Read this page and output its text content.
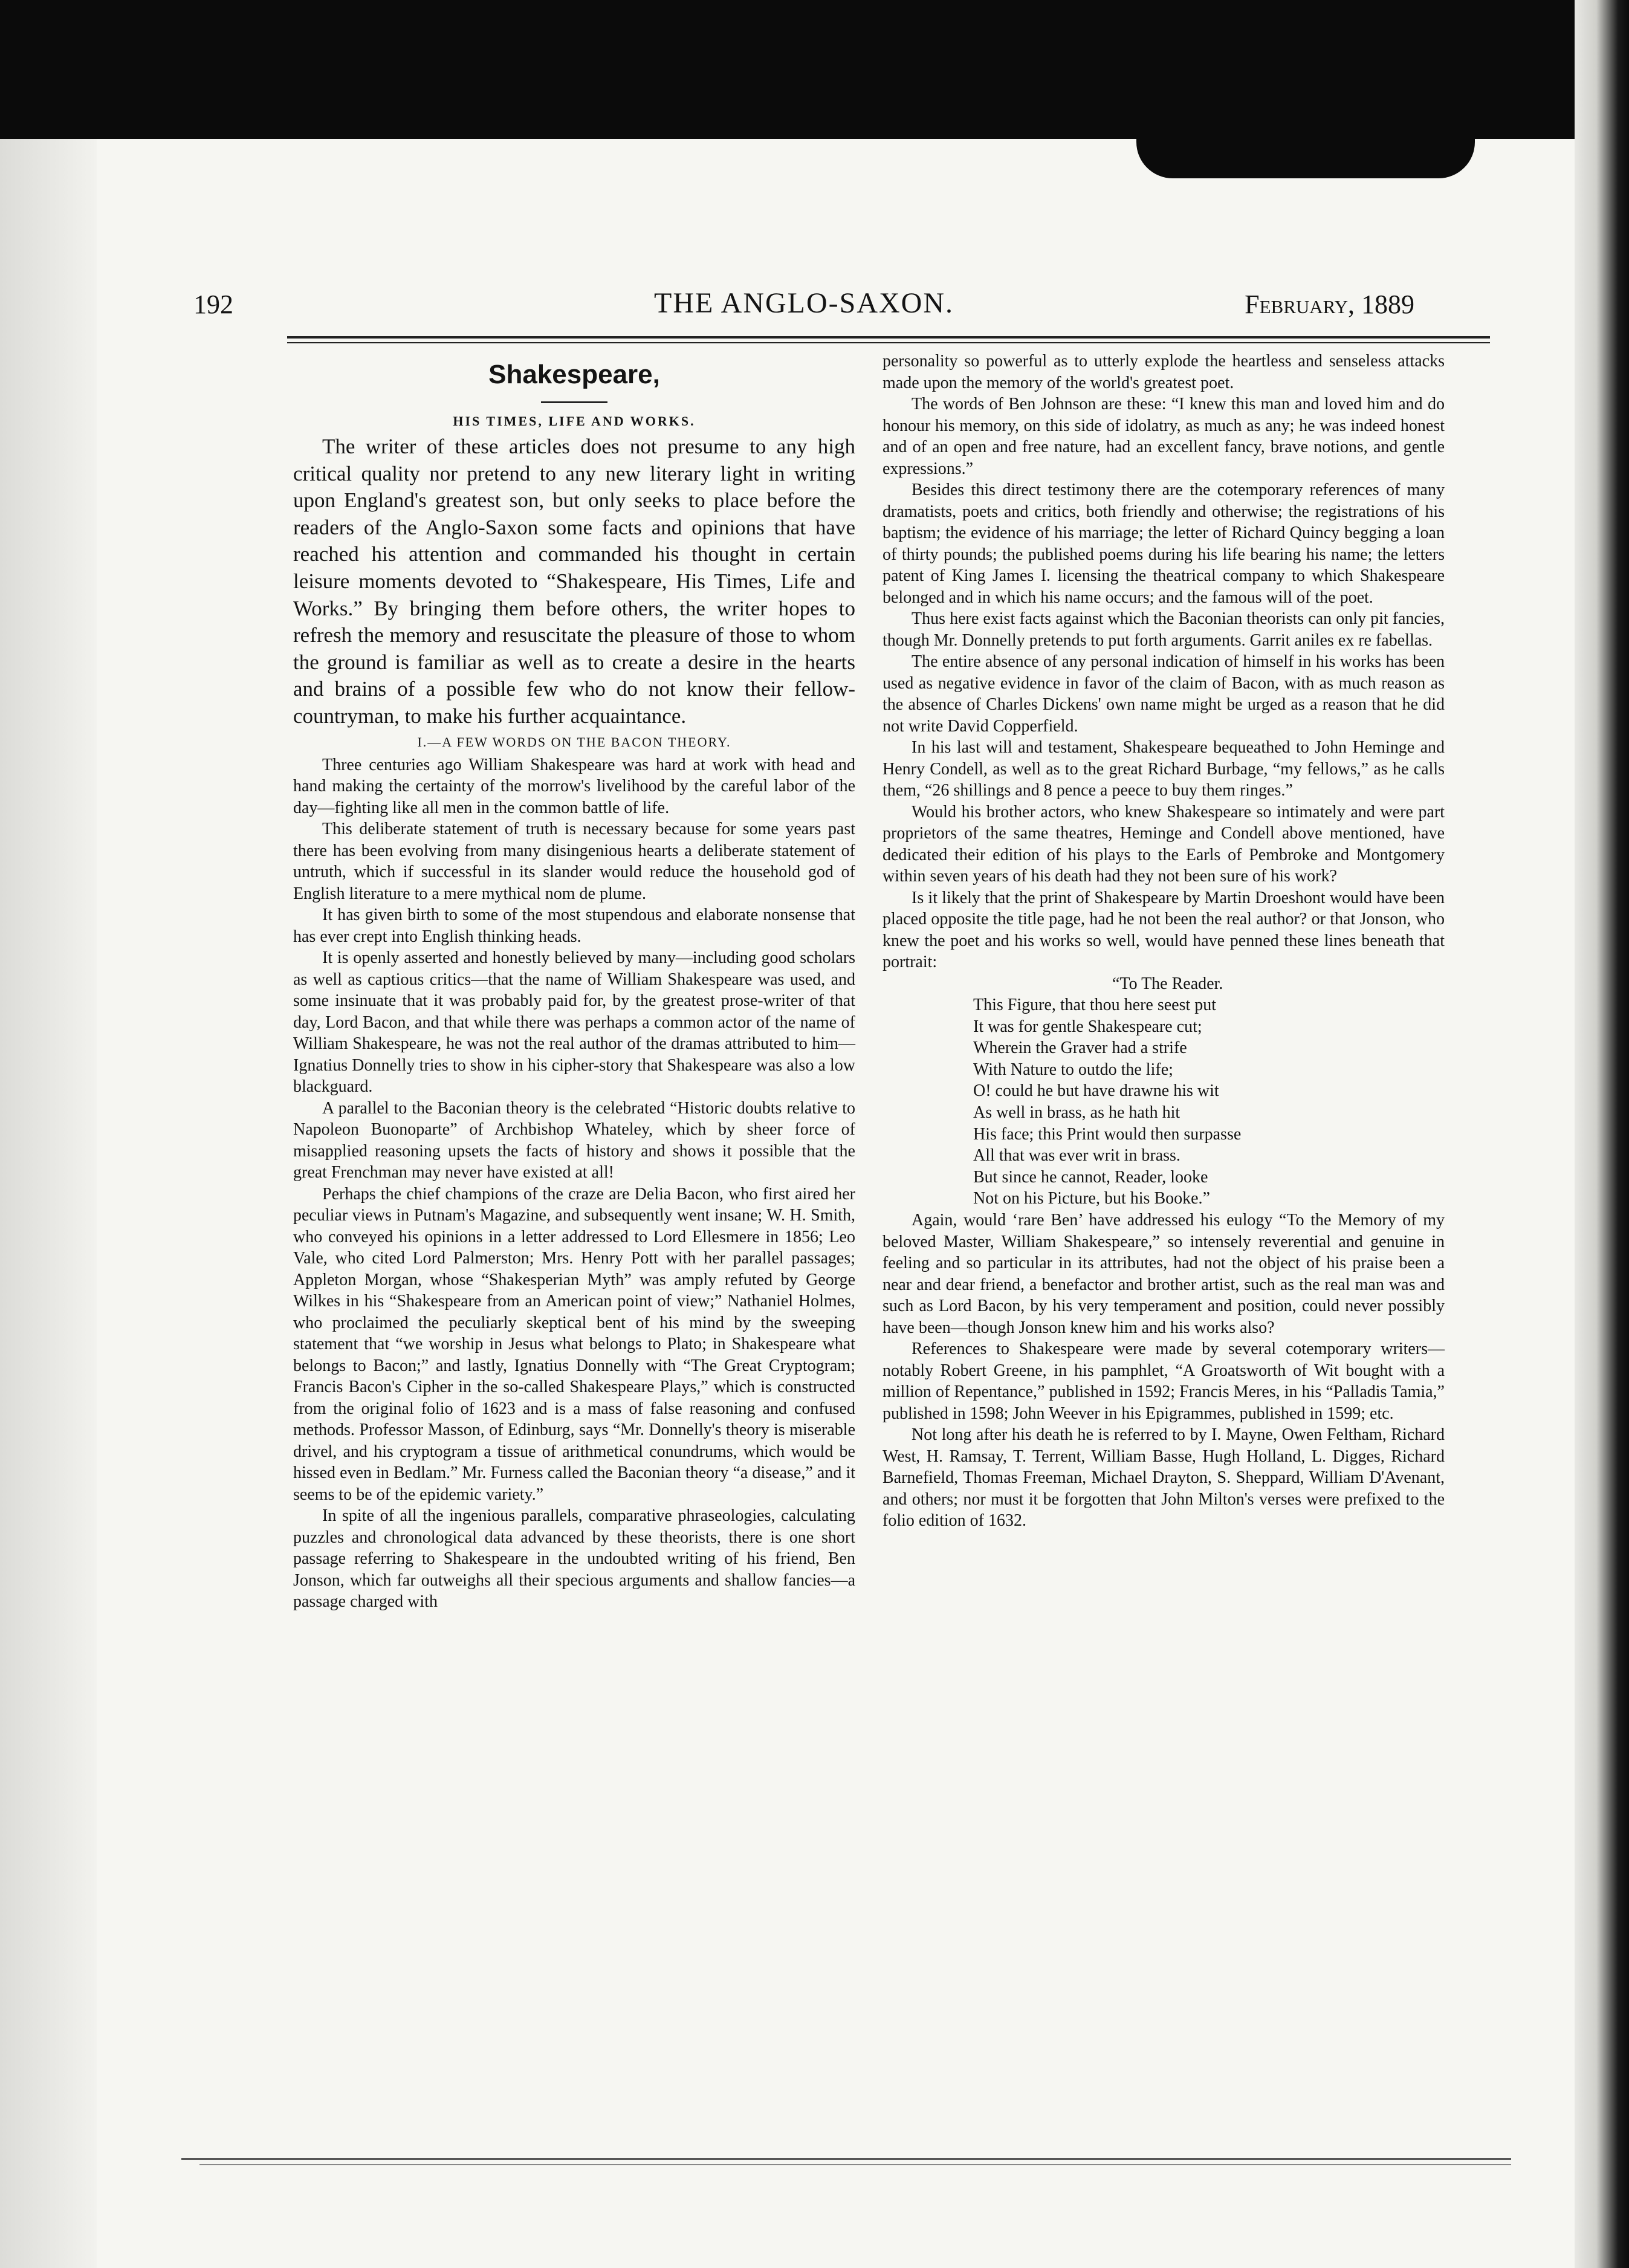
192	THE ANGLO-SAXON.	February, 1889
Shakespeare,
HIS TIMES, LIFE AND WORKS.

The writer of these articles does not presume to any high critical quality nor pretend to any new literary light in writing upon England's greatest son, but only seeks to place before the readers of the Anglo-Saxon some facts and opinions that have reached his attention and commanded his thought in certain leisure moments devoted to “Shakespeare, His Times, Life and Works.” By bringing them before others, the writer hopes to refresh the memory and resuscitate the pleasure of those to whom the ground is familiar as well as to create a desire in the hearts and brains of a possible few who do not know their fellow-countryman, to make his further acquaintance.

I.—A FEW WORDS ON THE BACON THEORY.

Three centuries ago William Shakespeare was hard at work with head and hand making the certainty of the morrow's livelihood by the careful labor of the day—fighting like all men in the common battle of life.

This deliberate statement of truth is necessary because for some years past there has been evolving from many disingenious hearts a deliberate statement of untruth, which if successful in its slander would reduce the household god of English literature to a mere mythical nom de plume.

It has given birth to some of the most stupendous and elaborate nonsense that has ever crept into English thinking heads.

It is openly asserted and honestly believed by many—including good scholars as well as captious critics—that the name of William Shakespeare was used, and some insinuate that it was probably paid for, by the greatest prose-writer of that day, Lord Bacon, and that while there was perhaps a common actor of the name of William Shakespeare, he was not the real author of the dramas attributed to him—Ignatius Donnelly tries to show in his cipher-story that Shakespeare was also a low blackguard.

A parallel to the Baconian theory is the celebrated “Historic doubts relative to Napoleon Buonoparte” of Archbishop Whateley, which by sheer force of misapplied reasoning upsets the facts of history and shows it possible that the great Frenchman may never have existed at all!

Perhaps the chief champions of the craze are Delia Bacon, who first aired her peculiar views in Putnam's Magazine, and subsequently went insane; W. H. Smith, who conveyed his opinions in a letter addressed to Lord Ellesmere in 1856; Leo Vale, who cited Lord Palmerston; Mrs. Henry Pott with her parallel passages; Appleton Morgan, whose “Shakesperian Myth” was amply refuted by George Wilkes in his “Shakespeare from an American point of view;” Nathaniel Holmes, who proclaimed the peculiarly skeptical bent of his mind by the sweeping statement that “we worship in Jesus what belongs to Plato; in Shakespeare what belongs to Bacon;” and lastly, Ignatius Donnelly with “The Great Cryptogram; Francis Bacon's Cipher in the so-called Shakespeare Plays,” which is constructed from the original folio of 1623 and is a mass of false reasoning and confused methods. Professor Masson, of Edinburg, says “Mr. Donnelly's theory is miserable drivel, and his cryptogram a tissue of arithmetical conundrums, which would be hissed even in Bedlam.” Mr. Furness called the Baconian theory “a disease,” and it seems to be of the epidemic variety.”

In spite of all the ingenious parallels, comparative phraseologies, calculating puzzles and chronological data advanced by these theorists, there is one short passage referring to Shakespeare in the undoubted writing of his friend, Ben Jonson, which far outweighs all their specious arguments and shallow fancies—a passage charged with

personality so powerful as to utterly explode the heartless and senseless attacks made upon the memory of the world's greatest poet.

The words of Ben Johnson are these: “I knew this man and loved him and do honour his memory, on this side of idolatry, as much as any; he was indeed honest and of an open and free nature, had an excellent fancy, brave notions, and gentle expressions.”

Besides this direct testimony there are the cotemporary references of many dramatists, poets and critics, both friendly and otherwise; the registrations of his baptism; the evidence of his marriage; the letter of Richard Quincy begging a loan of thirty pounds; the published poems during his life bearing his name; the letters patent of King James I. licensing the theatrical company to which Shakespeare belonged and in which his name occurs; and the famous will of the poet.

Thus here exist facts against which the Baconian theorists can only pit fancies, though Mr. Donnelly pretends to put forth arguments. Garrit aniles ex re fabellas.

The entire absence of any personal indication of himself in his works has been used as negative evidence in favor of the claim of Bacon, with as much reason as the absence of Charles Dickens' own name might be urged as a reason that he did not write David Copperfield.

In his last will and testament, Shakespeare bequeathed to John Heminge and Henry Condell, as well as to the great Richard Burbage, “my fellows,” as he calls them, “26 shillings and 8 pence a peece to buy them ringes.”

Would his brother actors, who knew Shakespeare so intimately and were part proprietors of the same theatres, Heminge and Condell above mentioned, have dedicated their edition of his plays to the Earls of Pembroke and Montgomery within seven years of his death had they not been sure of his work?

Is it likely that the print of Shakespeare by Martin Droeshont would have been placed opposite the title page, had he not been the real author? or that Jonson, who knew the poet and his works so well, would have penned these lines beneath that portrait:

“To The Reader.
This Figure, that thou here seest put
It was for gentle Shakespeare cut;
Wherein the Graver had a strife
With Nature to outdo the life;
O! could he but have drawne his wit
As well in brass, as he hath hit
His face; this Print would then surpasse
All that was ever writ in brass.
But since he cannot, Reader, looke
Not on his Picture, but his Booke.”

Again, would ‘rare Ben’ have addressed his eulogy “To the Memory of my beloved Master, William Shakespeare,” so intensely reverential and genuine in feeling and so particular in its attributes, had not the object of his praise been a near and dear friend, a benefactor and brother artist, such as the real man was and such as Lord Bacon, by his very temperament and position, could never possibly have been—though Jonson knew him and his works also?

References to Shakespeare were made by several cotemporary writers—notably Robert Greene, in his pamphlet, “A Groatsworth of Wit bought with a million of Repentance,” published in 1592; Francis Meres, in his “Palladis Tamia,” published in 1598; John Weever in his Epigrammes, published in 1599; etc.

Not long after his death he is referred to by I. Mayne, Owen Feltham, Richard West, H. Ramsay, T. Terrent, William Basse, Hugh Holland, L. Digges, Richard Barnefield, Thomas Freeman, Michael Drayton, S. Sheppard, William D'Avenant, and others; nor must it be forgotten that John Milton's verses were prefixed to the folio edition of 1632.
